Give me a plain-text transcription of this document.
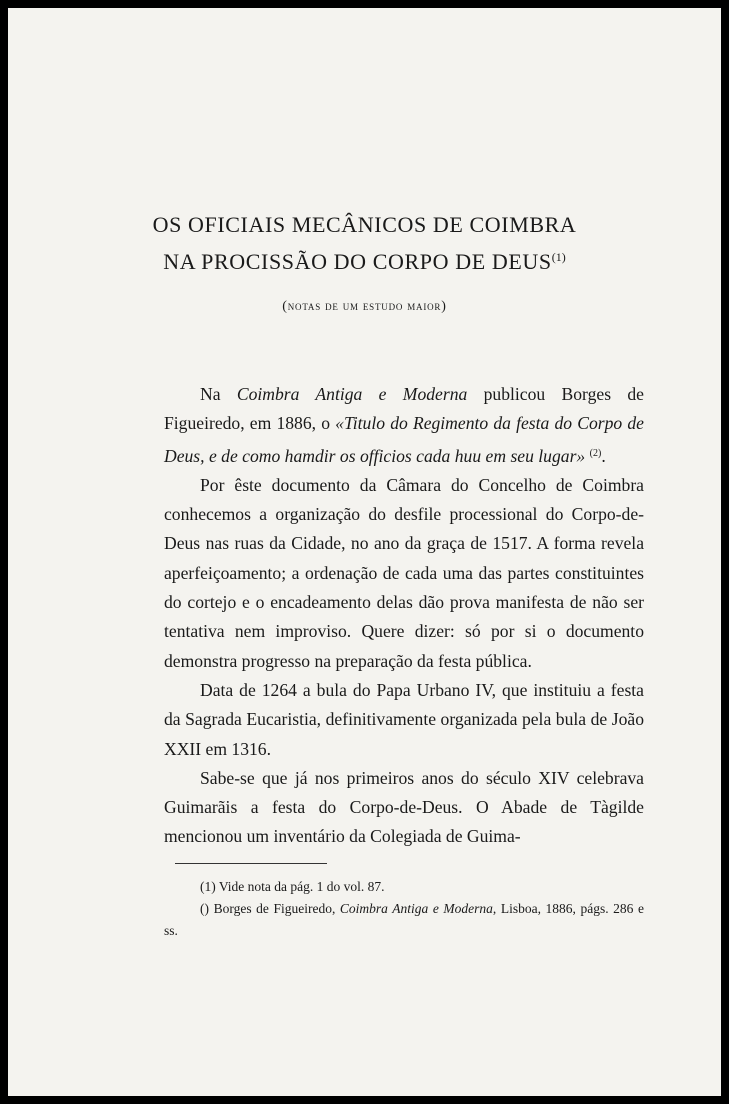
OS OFICIAIS MECÂNICOS DE COIMBRA
NA PROCISSÃO DO CORPO DE DEUS$^{(1)}$
(notas de um estudo maior)

Na Coimbra Antiga e Moderna publicou Borges de Figueiredo, em 1886, o «Titulo do Regimento da festa do Corpo de Deus, e de como hamdir os officios cada huu em seu lugar» $^{(2)}$.

Por êste documento da Câmara do Concelho de Coimbra conhecemos a organização do desfile processional do Corpo-de-Deus nas ruas da Cidade, no ano da graça de 1517. A forma revela aperfeiçoamento; a ordenação de cada uma das partes constituintes do cortejo e o encadeamento delas dão prova manifesta de não ser tentativa nem improviso. Quere dizer: só por si o documento demonstra progresso na preparação da festa pública.

Data de 1264 a bula do Papa Urbano IV, que instituiu a festa da Sagrada Eucaristia, definitivamente organizada pela bula de João XXII em 1316.

Sabe-se que já nos primeiros anos do século XIV celebrava Guimarãis a festa do Corpo-de-Deus. O Abade de Tàgilde mencionou um inventário da Colegiada de Guima-

(1) Vide nota da pág. 1 do vol. 87.

() Borges de Figueiredo, Coimbra Antiga e Moderna, Lisboa, 1886, págs. 286 e ss.
